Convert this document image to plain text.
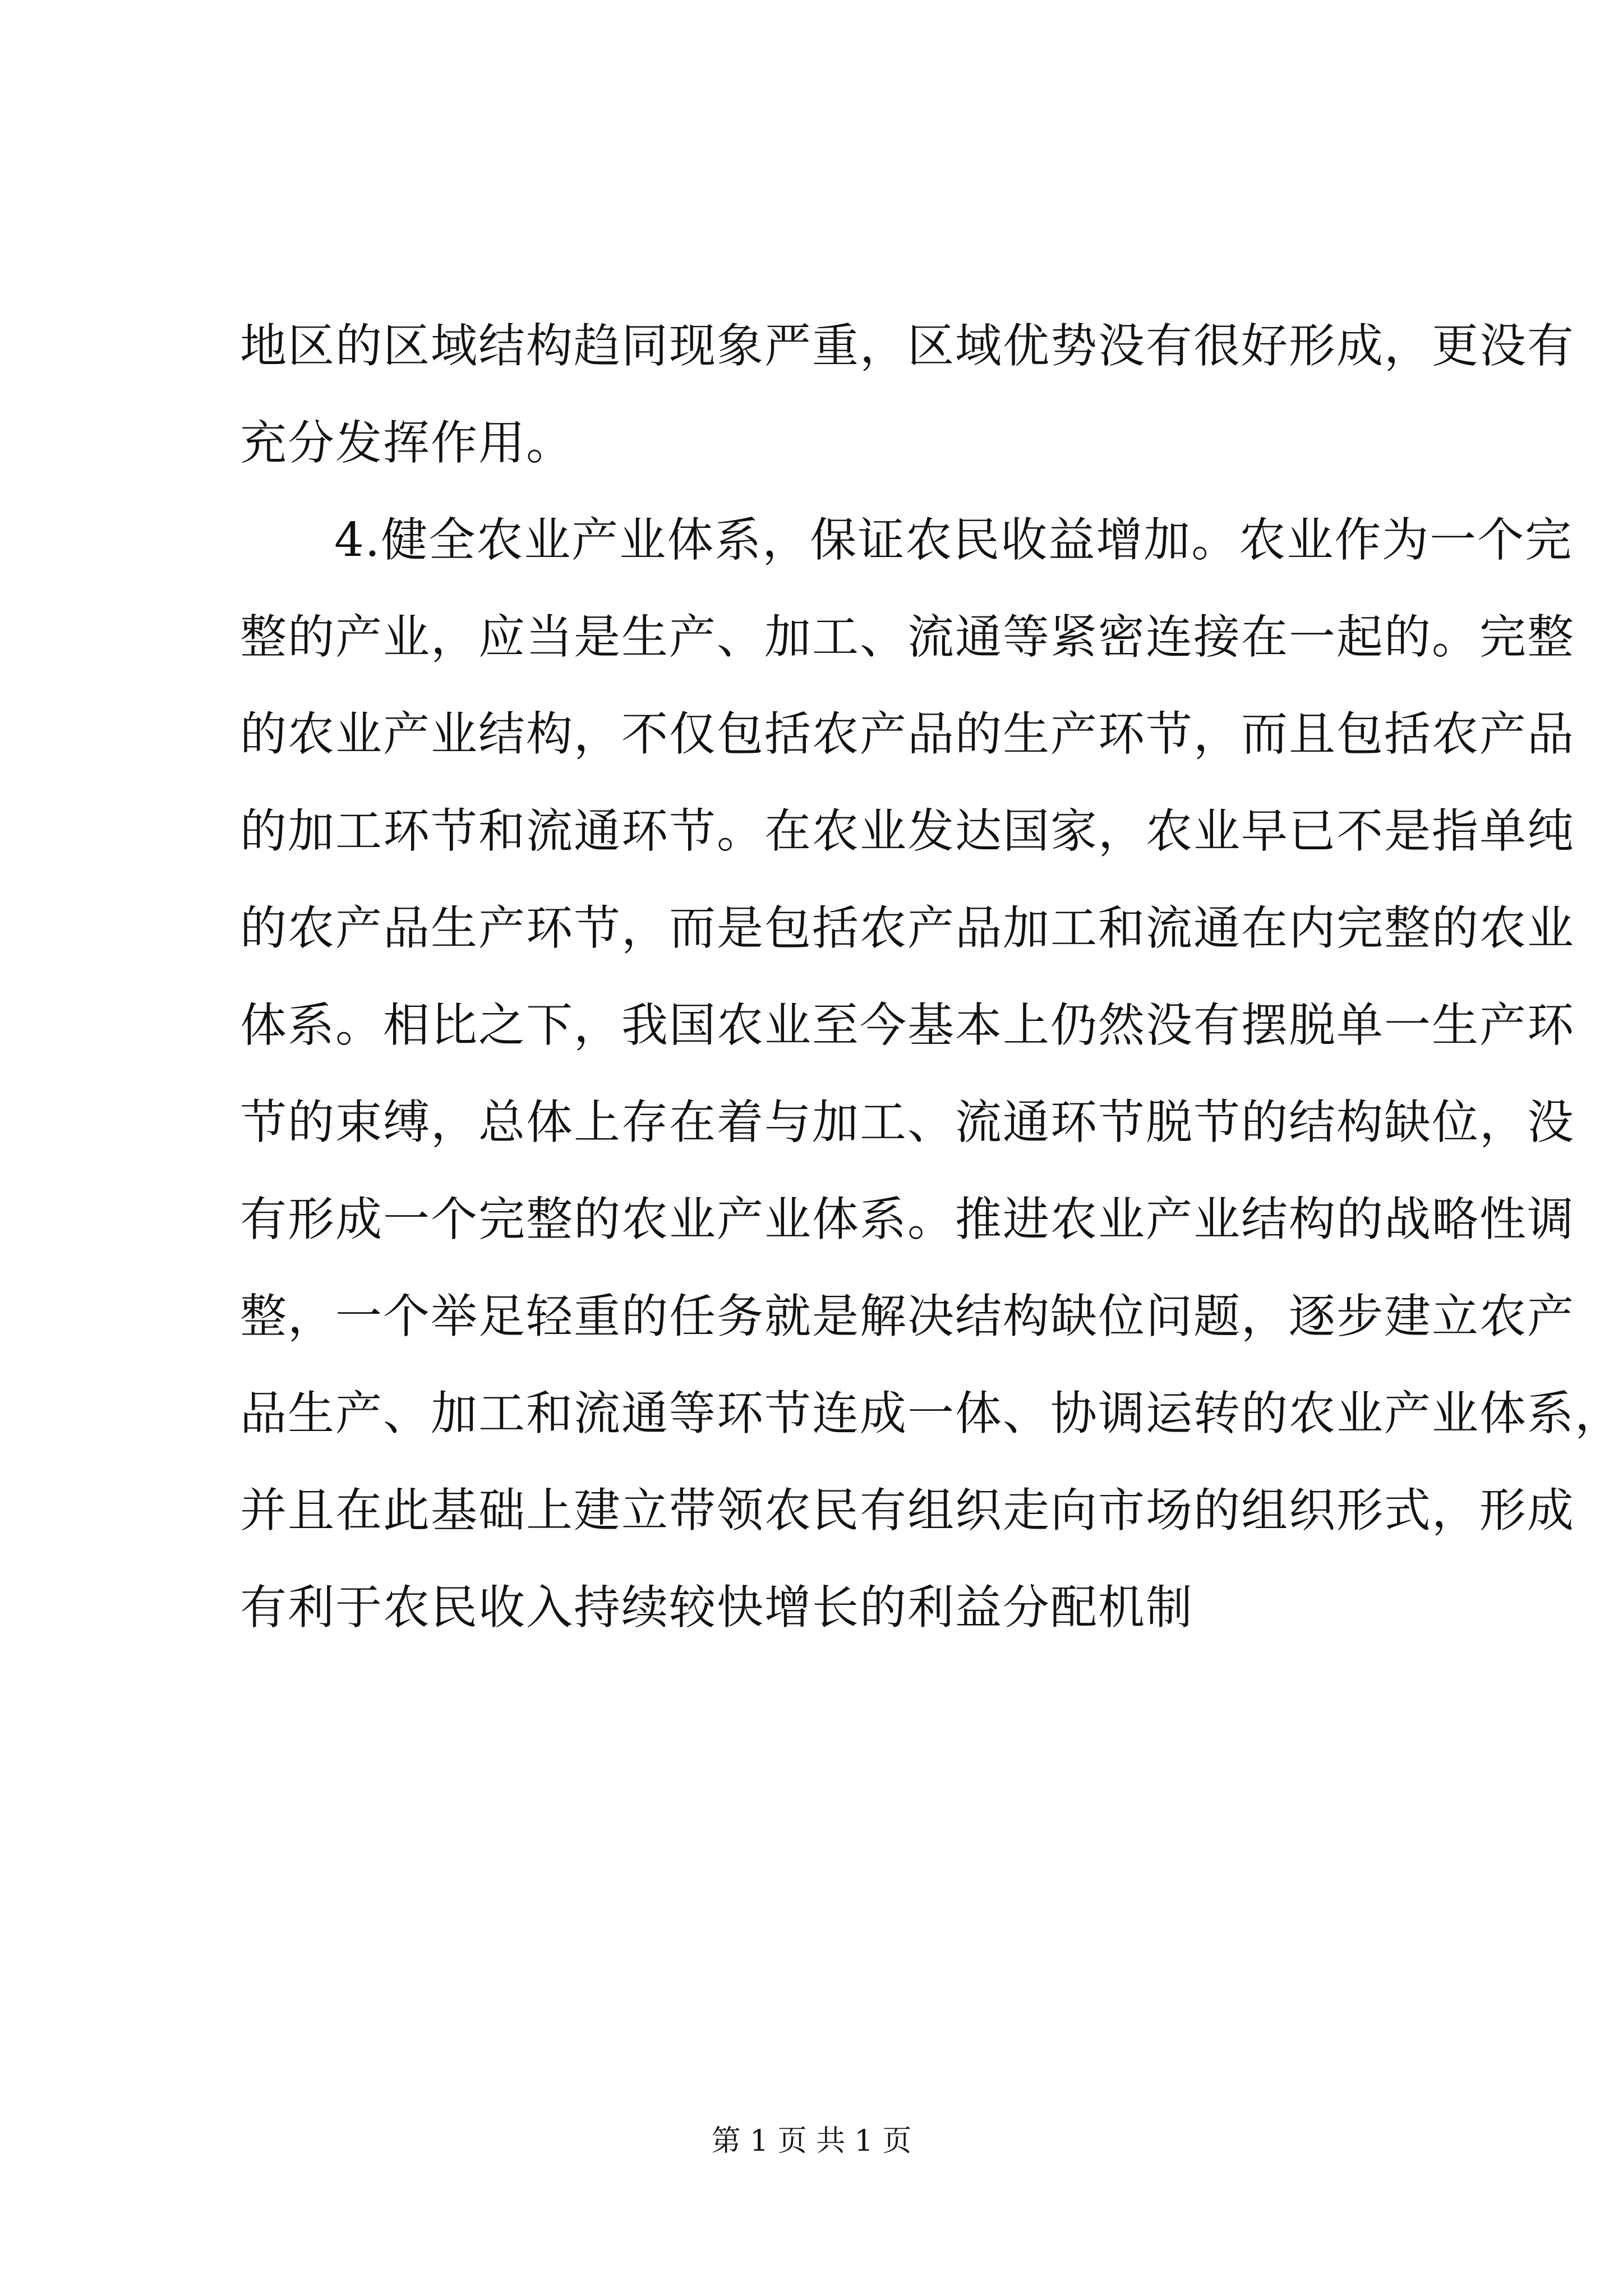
地区的区域结构趋同现象严重，区域优势没有很好形成，更没有
充分发挥作用。
4.健全农业产业体系，保证农民收益增加。农业作为一个完
整的产业，应当是生产、加工、流通等紧密连接在一起的。完整
的农业产业结构，不仅包括农产品的生产环节，而且包括农产品
的加工环节和流通环节。在农业发达国家，农业早已不是指单纯
的农产品生产环节，而是包括农产品加工和流通在内完整的农业
体系。相比之下，我国农业至今基本上仍然没有摆脱单一生产环
节的束缚，总体上存在着与加工、流通环节脱节的结构缺位，没
有形成一个完整的农业产业体系。推进农业产业结构的战略性调
整，一个举足轻重的任务就是解决结构缺位问题，逐步建立农产
品生产、加工和流通等环节连成一体、协调运转的农业产业体系，
并且在此基础上建立带领农民有组织走向市场的组织形式，形成
有利于农民收入持续较快增长的利益分配机制
第 1 页 共 1 页
